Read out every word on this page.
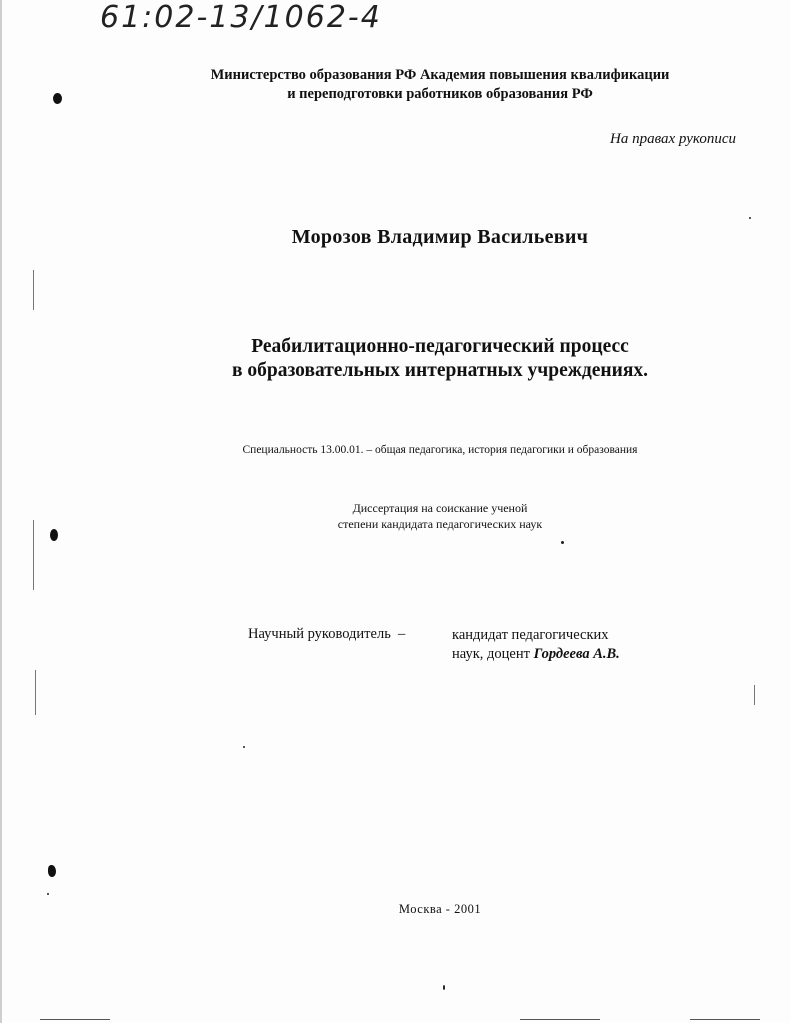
61:02-13/1062-4
Министерство образования РФ Академия повышения квалификации
и переподготовки работников образования РФ
На правах рукописи
Морозов Владимир Васильевич
Реабилитационно-педагогический процесс
в образовательных интернатных учреждениях.
Специальность 13.00.01. – общая педагогика, история педагогики и образования
Диссертация на соискание ученой
степени кандидата педагогических наук
Научный руководитель  –	кандидат педагогических
наук, доцент Гордеева А.В.
Москва - 2001
